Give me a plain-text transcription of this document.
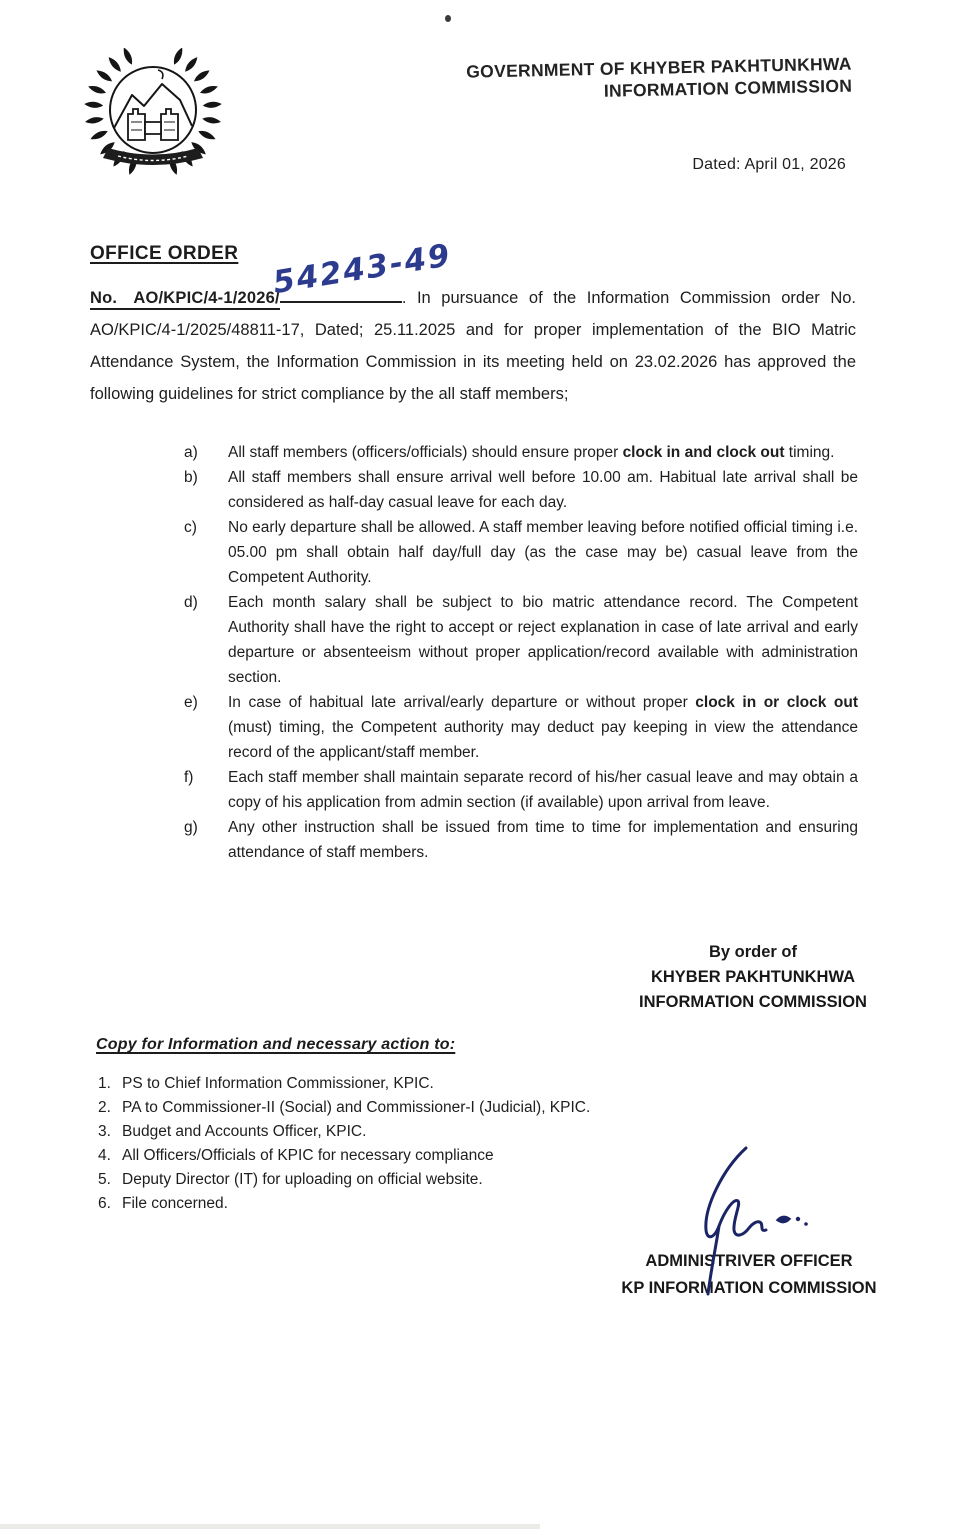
GOVERNMENT OF KHYBER PAKHTUNKHWA
INFORMATION COMMISSION
Dated: April 01, 2026
OFFICE ORDER
No. AO/KPIC/4-1/2026/
54243-49
. In pursuance of the Information Commission order No. AO/KPIC/4-1/2025/48811-17, Dated; 25.11.2025 and for proper implementation of the BIO Matric Attendance System, the Information Commission in its meeting held on 23.02.2026 has approved the following guidelines for strict compliance by the all staff members;
a)	All staff members (officers/officials) should ensure proper clock in and clock out timing.
b)	All staff members shall ensure arrival well before 10.00 am. Habitual late arrival shall be considered as half-day casual leave for each day.
c)	No early departure shall be allowed. A staff member leaving before notified official timing i.e. 05.00 pm shall obtain half day/full day (as the case may be) casual leave from the Competent Authority.
d)	Each month salary shall be subject to bio matric attendance record. The Competent Authority shall have the right to accept or reject explanation in case of late arrival and early departure or absenteeism without proper application/record available with administration section.
e)	In case of habitual late arrival/early departure or without proper clock in or clock out (must) timing, the Competent authority may deduct pay keeping in view the attendance record of the applicant/staff member.
f)	Each staff member shall maintain separate record of his/her casual leave and may obtain a copy of his application from admin section (if available) upon arrival from leave.
g)	Any other instruction shall be issued from time to time for implementation and ensuring attendance of staff members.
By order of
KHYBER PAKHTUNKHWA
INFORMATION COMMISSION
Copy for Information and necessary action to:
1. PS to Chief Information Commissioner, KPIC.
2. PA to Commissioner-II (Social) and Commissioner-I (Judicial), KPIC.
3. Budget and Accounts Officer, KPIC.
4. All Officers/Officials of KPIC for necessary compliance
5. Deputy Director (IT) for uploading on official website.
6. File concerned.
ADMINISTRIVER OFFICER
KP INFORMATION COMMISSION
